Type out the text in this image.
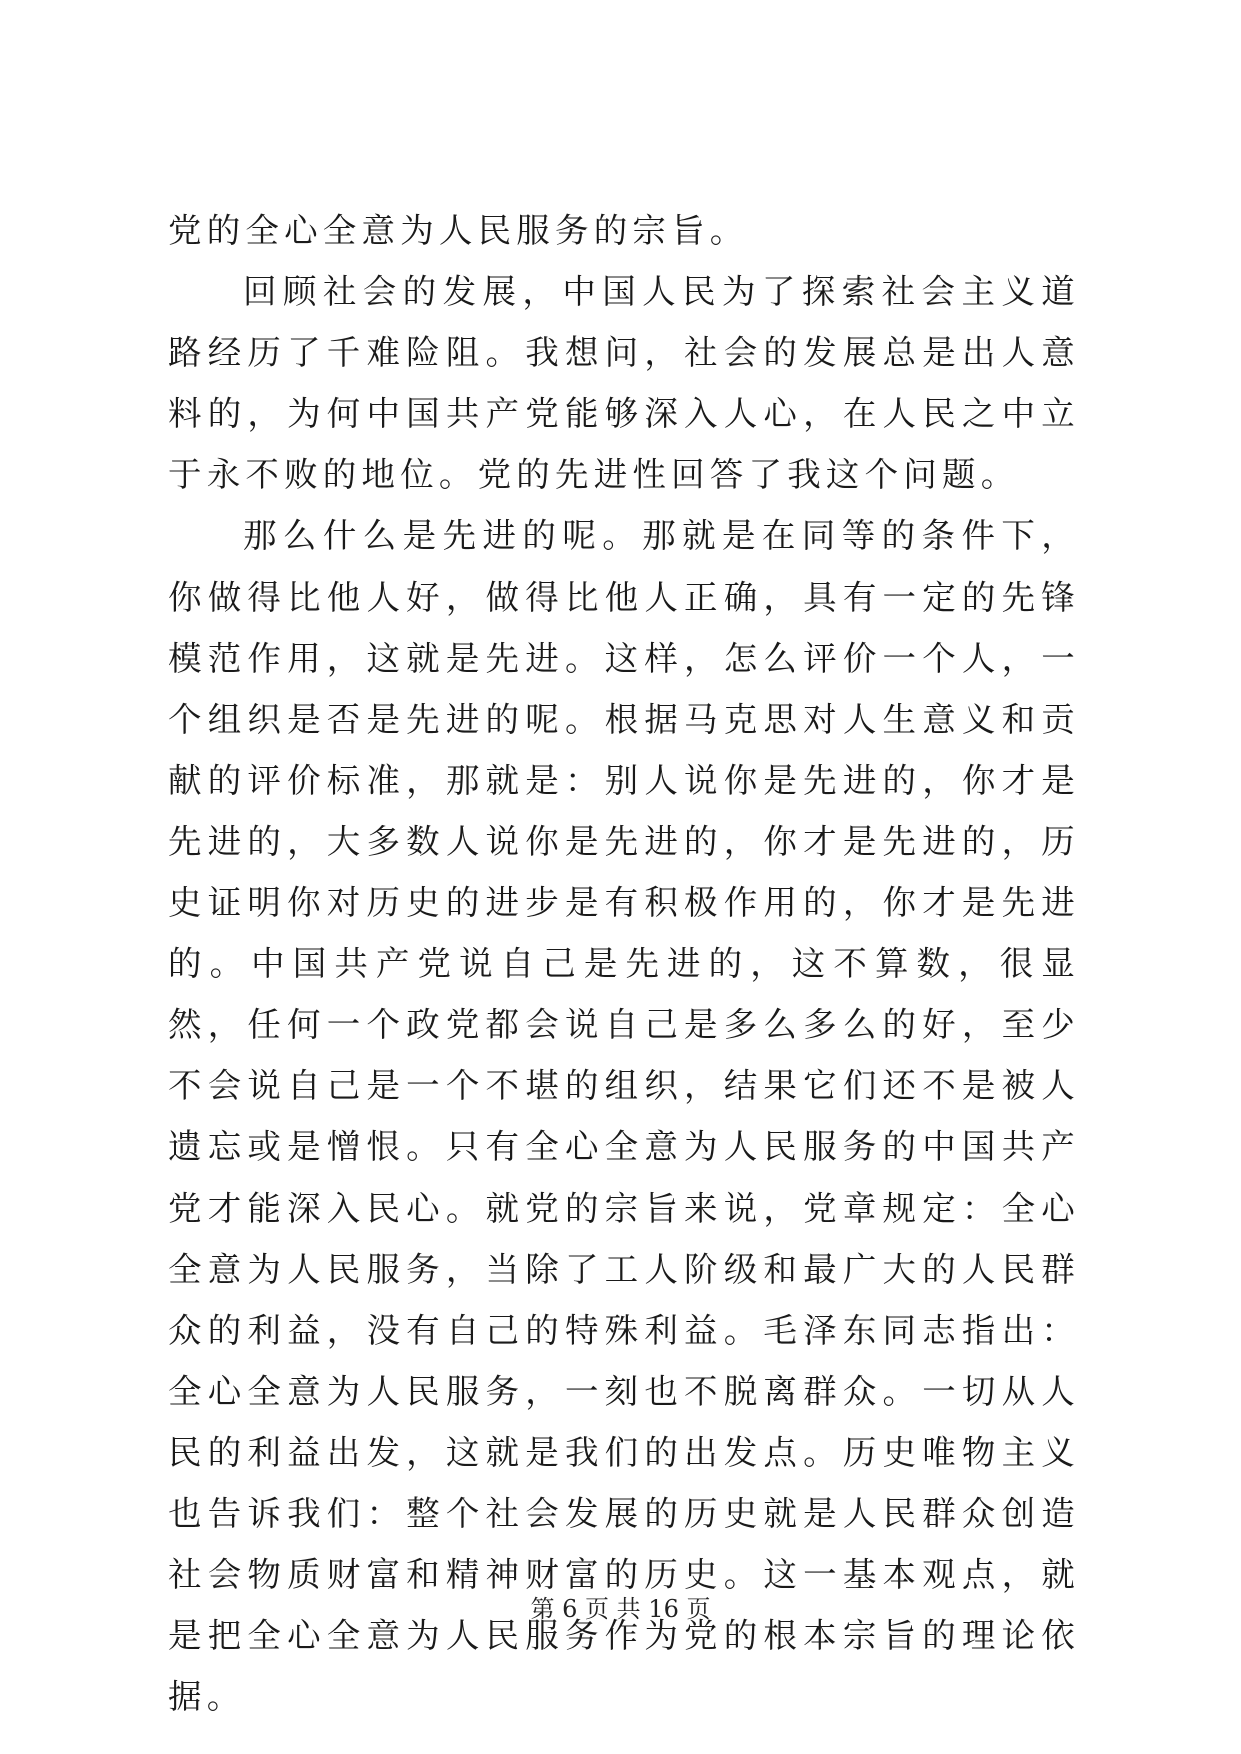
党的全心全意为人民服务的宗旨。

回顾社会的发展，中国人民为了探索社会主义道路经历了千难险阻。我想问，社会的发展总是出人意料的，为何中国共产党能够深入人心，在人民之中立于永不败的地位。党的先进性回答了我这个问题。

那么什么是先进的呢。那就是在同等的条件下，你做得比他人好，做得比他人正确，具有一定的先锋模范作用，这就是先进。这样，怎么评价一个人，一个组织是否是先进的呢。根据马克思对人生意义和贡献的评价标准，那就是：别人说你是先进的，你才是先进的，大多数人说你是先进的，你才是先进的，历史证明你对历史的进步是有积极作用的，你才是先进的。中国共产党说自己是先进的，这不算数，很显然，任何一个政党都会说自己是多么多么的好，至少不会说自己是一个不堪的组织，结果它们还不是被人遗忘或是憎恨。只有全心全意为人民服务的中国共产党才能深入民心。就党的宗旨来说，党章规定：全心全意为人民服务，当除了工人阶级和最广大的人民群众的利益，没有自己的特殊利益。毛泽东同志指出：全心全意为人民服务，一刻也不脱离群众。一切从人民的利益出发，这就是我们的出发点。历史唯物主义也告诉我们：整个社会发展的历史就是人民群众创造社会物质财富和精神财富的历史。这一基本观点，就是把全心全意为人民服务作为党的根本宗旨的理论依据。

第 6 页 共 16 页
